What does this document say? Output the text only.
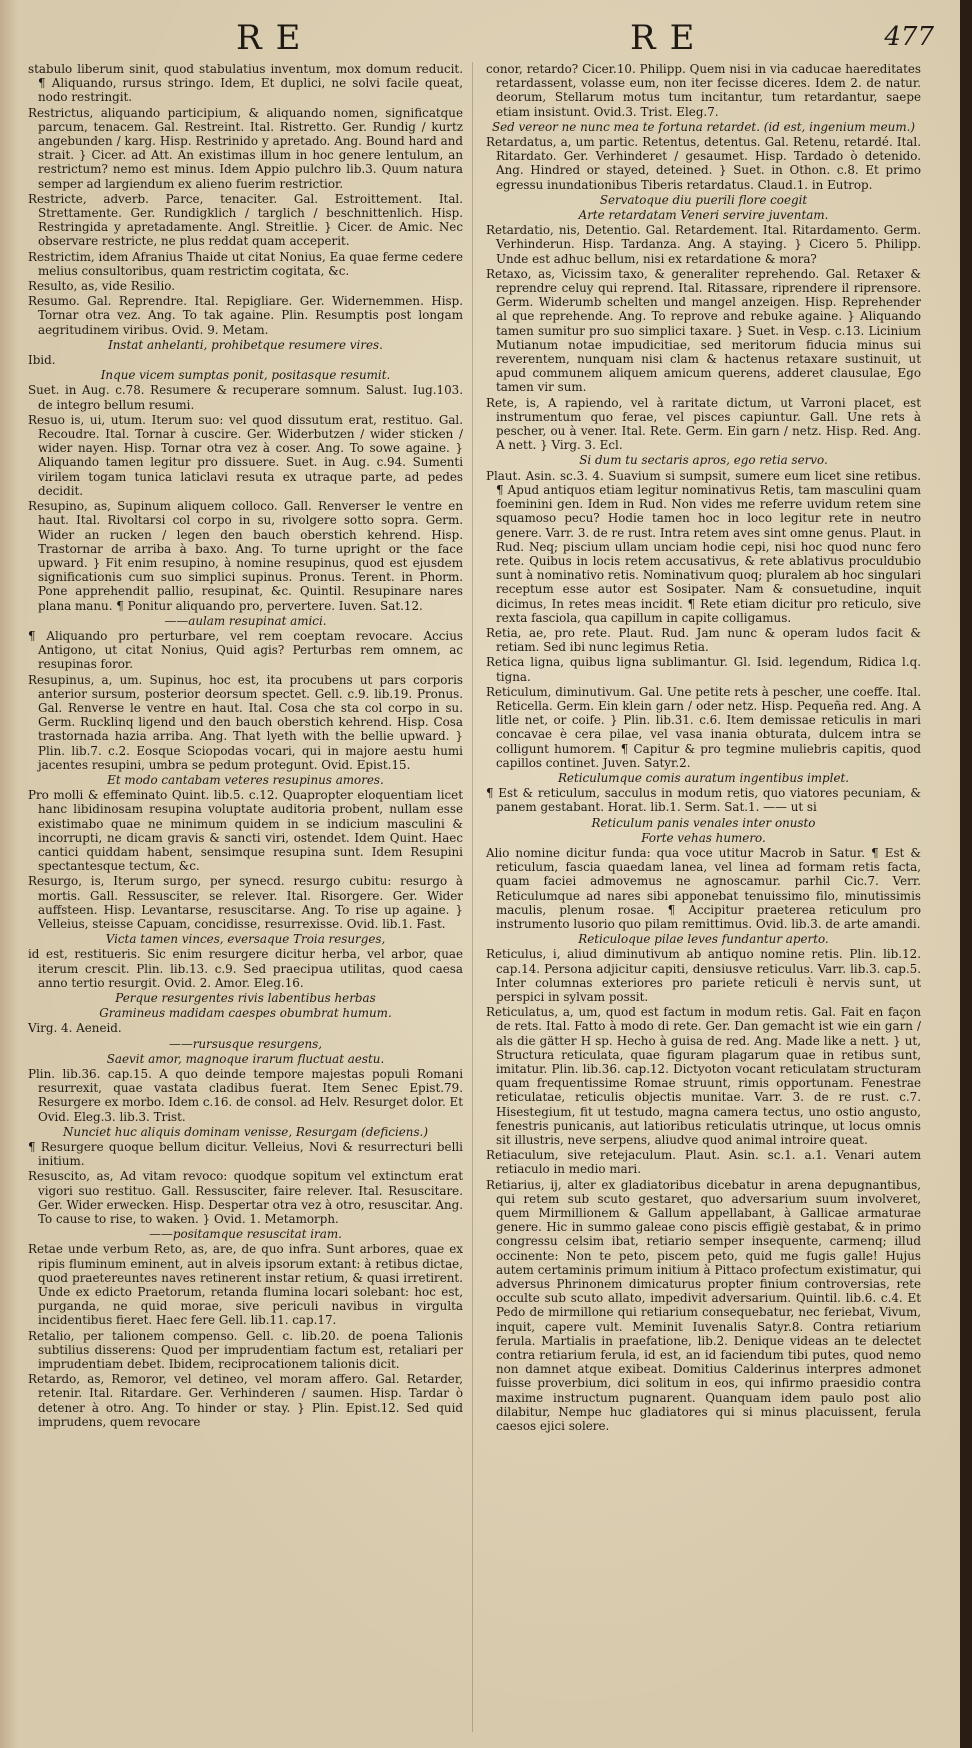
RE	RE	477

stabulo liberum sinit, quod stabulatius inventum, mox domum reducit. ¶ Aliquando, rursus stringo. Idem, Et duplici, ne solvi facile queat, nodo restringit.

Restrictus, aliquando participium, & aliquando nomen, significatque parcum, tenacem. Gal. Restreint. Ital. Ristretto. Ger. Rundig / kurtz angebunden / karg. Hisp. Restrinido y apretado. Ang. Bound hard and strait. } Cicer. ad Att. An existimas illum in hoc genere lentulum, an restrictum? nemo est minus. Idem Appio pulchro lib.3. Quum natura semper ad largiendum ex alieno fuerim restrictior.

Restricte, adverb. Parce, tenaciter. Gal. Estroittement. Ital. Strettamente. Ger. Rundigklich / targlich / beschnittenlich. Hisp. Restringida y apretadamente. Angl. Streitlie. } Cicer. de Amic. Nec observare restricte, ne plus reddat quam acceperit.

Restrictim, idem Afranius Thaide ut citat Nonius, Ea quae ferme cedere melius consultoribus, quam restrictim cogitata, &c.

Resulto, as, vide Resilio.

Resumo. Gal. Reprendre. Ital. Repigliare. Ger. Widernemmen. Hisp. Tornar otra vez. Ang. To tak againe. Plin. Resumptis post longam aegritudinem viribus. Ovid. 9. Metam.

Instat anhelanti, prohibetque resumere vires.

Ibid.

Inque vicem sumptas ponit, positasque resumit.

Suet. in Aug. c.78. Resumere & recuperare somnum. Salust. Iug.103. de integro bellum resumi.

Resuo is, ui, utum. Iterum suo: vel quod dissutum erat, restituo. Gal. Recoudre. Ital. Tornar à cuscire. Ger. Widerbutzen / wider sticken / wider nayen. Hisp. Tornar otra vez à coser. Ang. To sowe againe. } Aliquando tamen legitur pro dissuere. Suet. in Aug. c.94. Sumenti virilem togam tunica laticlavi resuta ex utraque parte, ad pedes decidit.

Resupino, as, Supinum aliquem colloco. Gall. Renverser le ventre en haut. Ital. Rivoltarsi col corpo in su, rivolgere sotto sopra. Germ. Wider an rucken / legen den bauch oberstich kehrend. Hisp. Trastornar de arriba à baxo. Ang. To turne upright or the face upward. } Fit enim resupino, à nomine resupinus, quod est ejusdem significationis cum suo simplici supinus. Pronus. Terent. in Phorm. Pone apprehendit pallio, resupinat, &c. Quintil. Resupinare nares plana manu. ¶ Ponitur aliquando pro, pervertere. Iuven. Sat.12.

——aulam resupinat amici.

¶ Aliquando pro perturbare, vel rem coeptam revocare. Accius Antigono, ut citat Nonius, Quid agis? Perturbas rem omnem, ac resupinas foror.

Resupinus, a, um. Supinus, hoc est, ita procubens ut pars corporis anterior sursum, posterior deorsum spectet. Gell. c.9. lib.19. Pronus. Gal. Renverse le ventre en haut. Ital. Cosa che sta col corpo in su. Germ. Rucklinq ligend und den bauch oberstich kehrend. Hisp. Cosa trastornada hazia arriba. Ang. That lyeth with the bellie upward. } Plin. lib.7. c.2. Eosque Sciopodas vocari, qui in majore aestu humi jacentes resupini, umbra se pedum protegunt. Ovid. Epist.15.

Et modo cantabam veteres resupinus amores.

Pro molli & effeminato Quint. lib.5. c.12. Quapropter eloquentiam licet hanc libidinosam resupina voluptate auditoria probent, nullam esse existimabo quae ne minimum quidem in se indicium masculini & incorrupti, ne dicam gravis & sancti viri, ostendet. Idem Quint. Haec cantici quiddam habent, sensimque resupina sunt. Idem Resupini spectantesque tectum, &c.

Resurgo, is, Iterum surgo, per synecd. resurgo cubitu: resurgo à mortis. Gall. Ressusciter, se relever. Ital. Risorgere. Ger. Wider auffsteen. Hisp. Levantarse, resuscitarse. Ang. To rise up againe. } Velleius, steisse Capuam, concidisse, resurrexisse. Ovid. lib.1. Fast.

Victa tamen vinces, eversaque Troia resurges,

id est, restitueris. Sic enim resurgere dicitur herba, vel arbor, quae iterum crescit. Plin. lib.13. c.9. Sed praecipua utilitas, quod caesa anno tertio resurgit. Ovid. 2. Amor. Eleg.16.

Perque resurgentes rivis labentibus herbas

Gramineus madidam caespes obumbrat humum.

Virg. 4. Aeneid.

——rursusque resurgens,

Saevit amor, magnoque irarum fluctuat aestu.

Plin. lib.36. cap.15. A quo deinde tempore majestas populi Romani resurrexit, quae vastata cladibus fuerat. Item Senec Epist.79. Resurgere ex morbo. Idem c.16. de consol. ad Helv. Resurget dolor. Et Ovid. Eleg.3. lib.3. Trist.

Nunciet huc aliquis dominam venisse, Resurgam (deficiens.)

¶ Resurgere quoque bellum dicitur. Velleius, Novi & resurrecturi belli initium.

Resuscito, as, Ad vitam revoco: quodque sopitum vel extinctum erat vigori suo restituo. Gall. Ressusciter, faire relever. Ital. Resuscitare. Ger. Wider erwecken. Hisp. Despertar otra vez à otro, resuscitar. Ang. To cause to rise, to waken. } Ovid. 1. Metamorph.

——positamque resuscitat iram.

Retae unde verbum Reto, as, are, de quo infra. Sunt arbores, quae ex ripis fluminum eminent, aut in alveis ipsorum extant: à retibus dictae, quod praetereuntes naves retinerent instar retium, & quasi irretirent. Unde ex edicto Praetorum, retanda flumina locari solebant: hoc est, purganda, ne quid morae, sive periculi navibus in virgulta incidentibus fieret. Haec fere Gell. lib.11. cap.17.

Retalio, per talionem compenso. Gell. c. lib.20. de poena Talionis subtilius disserens: Quod per imprudentiam factum est, retaliari per imprudentiam debet. Ibidem, reciprocationem talionis dicit.

Retardo, as, Remoror, vel detineo, vel moram affero. Gal. Retarder, retenir. Ital. Ritardare. Ger. Verhinderen / saumen. Hisp. Tardar ò detener à otro. Ang. To hinder or stay. } Plin. Epist.12. Sed quid imprudens, quem revocare

conor, retardo? Cicer.10. Philipp. Quem nisi in via caducae haereditates retardassent, volasse eum, non iter fecisse diceres. Idem 2. de natur. deorum, Stellarum motus tum incitantur, tum retardantur, saepe etiam insistunt. Ovid.3. Trist. Eleg.7.

Sed vereor ne nunc mea te fortuna retardet. (id est, ingenium meum.)

Retardatus, a, um partic. Retentus, detentus. Gal. Retenu, retardé. Ital. Ritardato. Ger. Verhinderet / gesaumet. Hisp. Tardado ò detenido. Ang. Hindred or stayed, deteined. } Suet. in Othon. c.8. Et primo egressu inundationibus Tiberis retardatus. Claud.1. in Eutrop.

Servatoque diu puerili flore coegit

Arte retardatam Veneri servire juventam.

Retardatio, nis, Detentio. Gal. Retardement. Ital. Ritardamento. Germ. Verhinderun. Hisp. Tardanza. Ang. A staying. } Cicero 5. Philipp. Unde est adhuc bellum, nisi ex retardatione & mora?

Retaxo, as, Vicissim taxo, & generaliter reprehendo. Gal. Retaxer & reprendre celuy qui reprend. Ital. Ritassare, riprendere il riprensore. Germ. Widerumb schelten und mangel anzeigen. Hisp. Reprehender al que reprehende. Ang. To reprove and rebuke againe. } Aliquando tamen sumitur pro suo simplici taxare. } Suet. in Vesp. c.13. Licinium Mutianum notae impudicitiae, sed meritorum fiducia minus sui reverentem, nunquam nisi clam & hactenus retaxare sustinuit, ut apud communem aliquem amicum querens, adderet clausulae, Ego tamen vir sum.

Rete, is, A rapiendo, vel à raritate dictum, ut Varroni placet, est instrumentum quo ferae, vel pisces capiuntur. Gall. Une rets à pescher, ou à vener. Ital. Rete. Germ. Ein garn / netz. Hisp. Red. Ang. A nett. } Virg. 3. Ecl.

Si dum tu sectaris apros, ego retia servo.

Plaut. Asin. sc.3. 4. Suavium si sumpsit, sumere eum licet sine retibus. ¶ Apud antiquos etiam legitur nominativus Retis, tam masculini quam foeminini gen. Idem in Rud. Non vides me referre uvidum retem sine squamoso pecu? Hodie tamen hoc in loco legitur rete in neutro genere. Varr. 3. de re rust. Intra retem aves sint omne genus. Plaut. in Rud. Neq; piscium ullam unciam hodie cepi, nisi hoc quod nunc fero rete. Quibus in locis retem accusativus, & rete ablativus proculdubio sunt à nominativo retis. Nominativum quoq; pluralem ab hoc singulari receptum esse autor est Sosipater. Nam & consuetudine, inquit dicimus, In retes meas incidit. ¶ Rete etiam dicitur pro reticulo, sive rexta fasciola, qua capillum in capite colligamus.

Retia, ae, pro rete. Plaut. Rud. Jam nunc & operam ludos facit & retiam. Sed ibi nunc legimus Retia.

Retica ligna, quibus ligna sublimantur. Gl. Isid. legendum, Ridica l.q. tigna.

Reticulum, diminutivum. Gal. Une petite rets à pescher, une coeffe. Ital. Reticella. Germ. Ein klein garn / oder netz. Hisp. Pequeña red. Ang. A litle net, or coife. } Plin. lib.31. c.6. Item demissae reticulis in mari concavae è cera pilae, vel vasa inania obturata, dulcem intra se colligunt humorem. ¶ Capitur & pro tegmine muliebris capitis, quod capillos continet. Juven. Satyr.2.

Reticulumque comis auratum ingentibus implet.

¶ Est & reticulum, sacculus in modum retis, quo viatores pecuniam, & panem gestabant. Horat. lib.1. Serm. Sat.1. —— ut si

Reticulum panis venales inter onusto

Forte vehas humero.

Alio nomine dicitur funda: qua voce utitur Macrob in Satur. ¶ Est & reticulum, fascia quaedam lanea, vel linea ad formam retis facta, quam faciei admovemus ne agnoscamur. parhil Cic.7. Verr. Reticulumque ad nares sibi apponebat tenuissimo filo, minutissimis maculis, plenum rosae. ¶ Accipitur praeterea reticulum pro instrumento lusorio quo pilam remittimus. Ovid. lib.3. de arte amandi.

Reticuloque pilae leves fundantur aperto.

Reticulus, i, aliud diminutivum ab antiquo nomine retis. Plin. lib.12. cap.14. Persona adjicitur capiti, densiusve reticulus. Varr. lib.3. cap.5. Inter columnas exteriores pro pariete reticuli è nervis sunt, ut perspici in sylvam possit.

Reticulatus, a, um, quod est factum in modum retis. Gal. Fait en façon de rets. Ital. Fatto à modo di rete. Ger. Dan gemacht ist wie ein garn / als die gätter H sp. Hecho à guisa de red. Ang. Made like a nett. } ut, Structura reticulata, quae figuram plagarum quae in retibus sunt, imitatur. Plin. lib.36. cap.12. Dictyoton vocant reticulatam structuram quam frequentissime Romae struunt, rimis opportunam. Fenestrae reticulatae, reticulis objectis munitae. Varr. 3. de re rust. c.7. Hisestegium, fit ut testudo, magna camera tectus, uno ostio angusto, fenestris punicanis, aut latioribus reticulatis utrinque, ut locus omnis sit illustris, neve serpens, aliudve quod animal introire queat.

Retiaculum, sive retejaculum. Plaut. Asin. sc.1. a.1. Venari autem retiaculo in medio mari.

Retiarius, ij, alter ex gladiatoribus dicebatur in arena depugnantibus, qui retem sub scuto gestaret, quo adversarium suum involveret, quem Mirmillionem & Gallum appellabant, à Gallicae armaturae genere. Hic in summo galeae cono piscis effigiè gestabat, & in primo congressu celsim ibat, retiario semper insequente, carmenq; illud occinente: Non te peto, piscem peto, quid me fugis galle! Hujus autem certaminis primum initium à Pittaco profectum existimatur, qui adversus Phrinonem dimicaturus propter finium controversias, rete occulte sub scuto allato, impedivit adversarium. Quintil. lib.6. c.4. Et Pedo de mirmillone qui retiarium consequebatur, nec feriebat, Vivum, inquit, capere vult. Meminit Iuvenalis Satyr.8. Contra retiarium ferula. Martialis in praefatione, lib.2. Denique videas an te delectet contra retiarium ferula, id est, an id faciendum tibi putes, quod nemo non damnet atque exibeat. Domitius Calderinus interpres admonet fuisse proverbium, dici solitum in eos, qui infirmo praesidio contra maxime instructum pugnarent. Quanquam idem paulo post alio dilabitur, Nempe huc gladiatores qui si minus placuissent, ferula caesos ejici solere.
